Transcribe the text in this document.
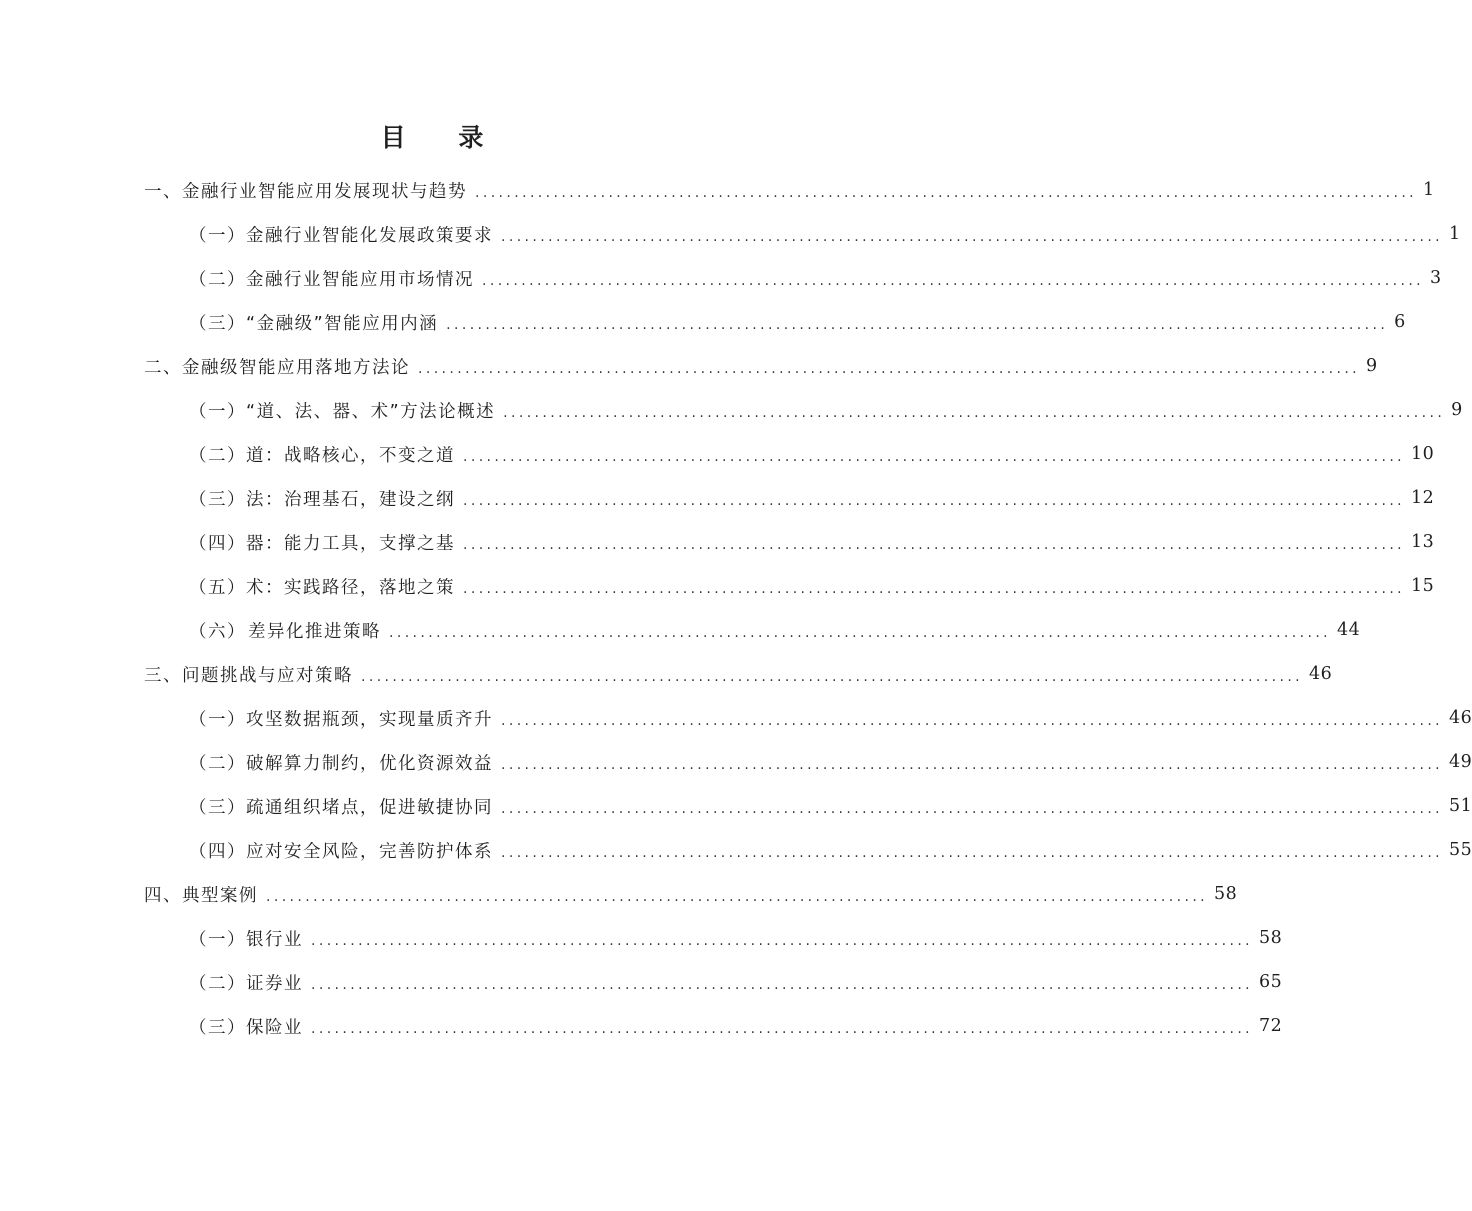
目 录
一、 金融行业智能应用发展现状与趋势 ........................................................................................................................ 1
（一） 金融行业智能化发展政策要求 ........................................................................................................................ 1
（二） 金融行业智能应用市场情况 ........................................................................................................................ 3
（三） “金融级”智能应用内涵 ........................................................................................................................ 6
二、 金融级智能应用落地方法论 ........................................................................................................................ 9
（一） “道、法、器、术”方法论概述 ........................................................................................................................ 9
（二） 道：战略核心，不变之道 ........................................................................................................................ 10
（三） 法：治理基石，建设之纲 ........................................................................................................................ 12
（四） 器：能力工具，支撑之基 ........................................................................................................................ 13
（五） 术：实践路径，落地之策 ........................................................................................................................ 15
（六） 差异化推进策略 ........................................................................................................................ 44
三、 问题挑战与应对策略 ........................................................................................................................ 46
（一） 攻坚数据瓶颈，实现量质齐升 ........................................................................................................................ 46
（二） 破解算力制约，优化资源效益 ........................................................................................................................ 49
（三） 疏通组织堵点，促进敏捷协同 ........................................................................................................................ 51
（四） 应对安全风险，完善防护体系 ........................................................................................................................ 55
四、 典型案例 ........................................................................................................................ 58
（一） 银行业 ........................................................................................................................ 58
（二） 证券业 ........................................................................................................................ 65
（三） 保险业 ........................................................................................................................ 72
